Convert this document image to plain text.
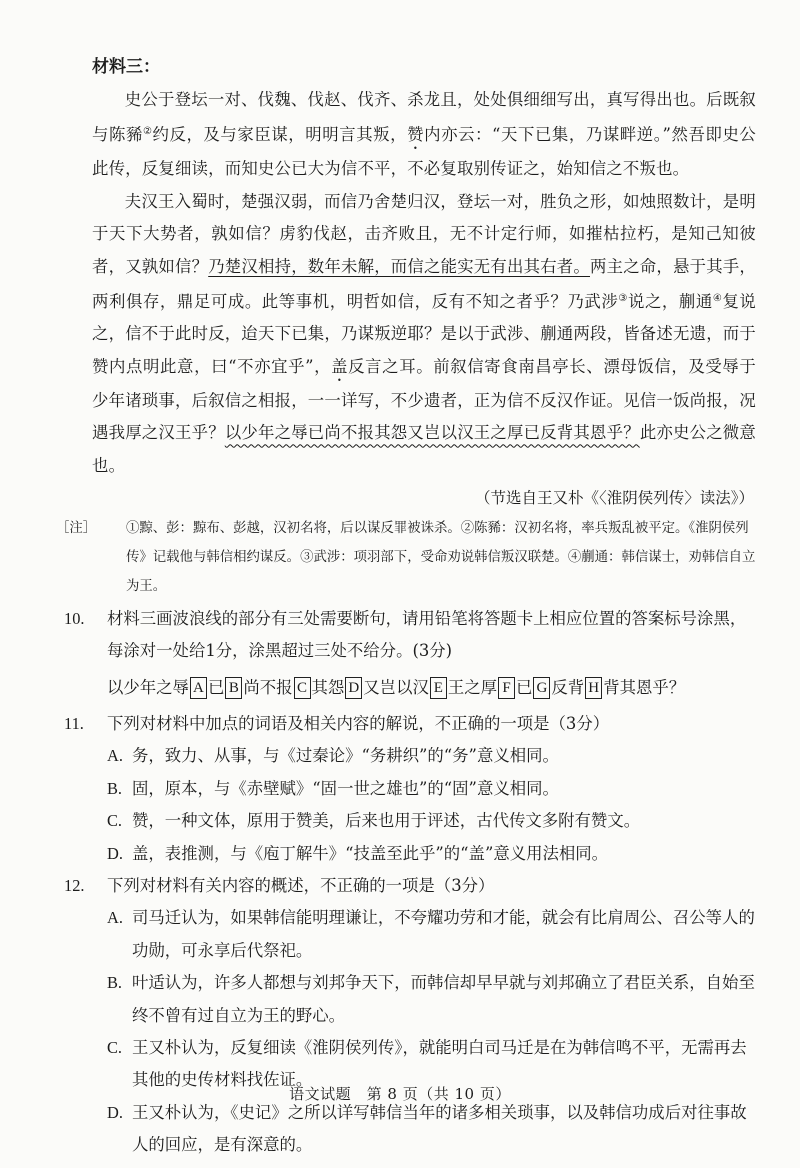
材料三：

史公于登坛一对、伐魏、伐赵、伐齐、杀龙且，处处俱细细写出，真写得出也。后既叙与陈豨②约反，及与家臣谋，明明言其叛，赞内亦云：“天下已集，乃谋畔逆。”然吾即史公此传，反复细读，而知史公已大为信不平，不必复取别传证之，始知信之不叛也。

夫汉王入蜀时，楚强汉弱，而信乃舍楚归汉，登坛一对，胜负之形，如烛照数计，是明于天下大势者，孰如信？虏豹伐赵，击齐败且，无不计定行师，如摧枯拉朽，是知己知彼者，又孰如信？乃楚汉相持，数年未解，而信之能实无有出其右者。两主之命，悬于其手，两利俱存，鼎足可成。此等事机，明哲如信，反有不知之者乎？乃武涉③说之，蒯通④复说之，信不于此时反，迨天下已集，乃谋叛逆耶？是以于武涉、蒯通两段，皆备述无遗，而于赞内点明此意，曰“不亦宜乎”，盖反言之耳。前叙信寄食南昌亭长、漂母饭信，及受辱于少年诸琐事，后叙信之相报，一一详写，不少遗者，正为信不反汉作证。见信一饭尚报，况遇我厚之汉王乎？以少年之辱已尚不报其怨又岂以汉王之厚已反背其恩乎？此亦史公之微意也。

（节选自王又朴《〈淮阴侯列传〉读法》）
［注］ ①黥、彭：黥布、彭越，汉初名将，后以谋反罪被诛杀。②陈豨：汉初名将，率兵叛乱被平定。《淮阴侯列传》记载他与韩信相约谋反。③武涉：项羽部下，受命劝说韩信叛汉联楚。④蒯通：韩信谋士，劝韩信自立为王。
10. 材料三画波浪线的部分有三处需要断句，请用铅笔将答题卡上相应位置的答案标号涂黑，每涂对一处给1分，涂黑超过三处不给分。(3分)
以少年之辱 A 已 B 尚不报 C 其怨 D 又岂以汉 E 王之厚 F 已 G 反背 H 背其恩乎？
11. 下列对材料中加点的词语及相关内容的解说，不正确的一项是（3分）
A. 务，致力、从事，与《过秦论》“务耕织”的“务”意义相同。
B. 固，原本，与《赤壁赋》“固一世之雄也”的“固”意义相同。
C. 赞，一种文体，原用于赞美，后来也用于评述，古代传文多附有赞文。
D. 盖，表推测，与《庖丁解牛》“技盖至此乎”的“盖”意义用法相同。
12. 下列对材料有关内容的概述，不正确的一项是（3分）
A. 司马迁认为，如果韩信能明理谦让，不夸耀功劳和才能，就会有比肩周公、召公等人的功勋，可永享后代祭祀。
B. 叶适认为，许多人都想与刘邦争天下，而韩信却早早就与刘邦确立了君臣关系，自始至终不曾有过自立为王的野心。
C. 王又朴认为，反复细读《淮阴侯列传》，就能明白司马迁是在为韩信鸣不平，无需再去其他的史传材料找佐证。
D. 王又朴认为，《史记》之所以详写韩信当年的诸多相关琐事，以及韩信功成后对往事故人的回应，是有深意的。
语文试题　第 8 页（共 10 页）
